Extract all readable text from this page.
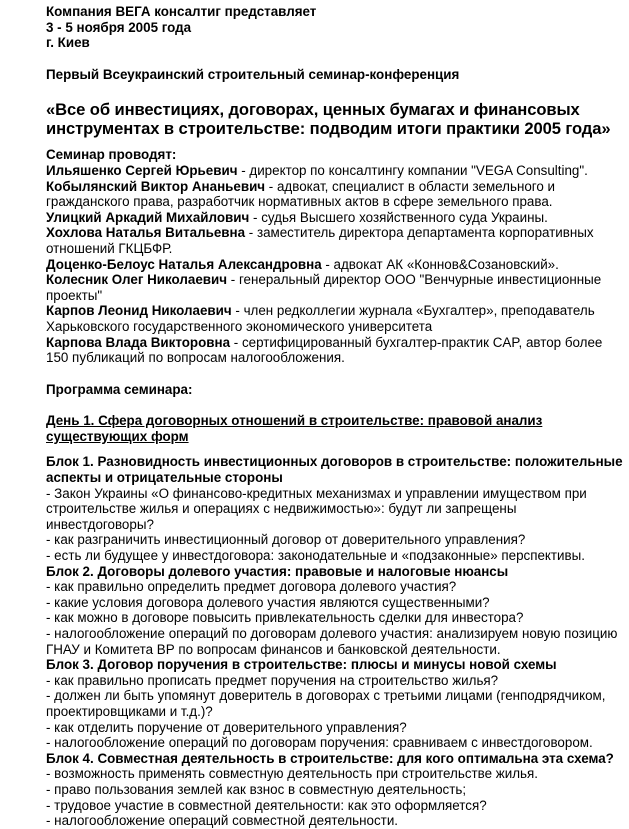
Компания ВЕГА консалтиг представляет
3 - 5 ноября 2005 года
г. Киев
Первый Всеукраинский строительный семинар-конференция
«Все об инвестициях, договорах, ценных бумагах и финансовых
инструментах в строительстве: подводим итоги практики 2005 года»
Семинар проводят:
Ильяшенко Сергей Юрьевич - директор по консалтингу компании "VEGA Consulting".
Кобылянский Виктор Ананьевич - адвокат, специалист в области земельного и
гражданского права, разработчик нормативных актов в сфере земельного права.
Улицкий Аркадий Михайлович - судья Высшего хозяйственного суда Украины.
Хохлова Наталья Витальевна - заместитель директора департамента корпоративных
отношений ГКЦБФР.
Доценко-Белоус Наталья Александровна - адвокат АК «Коннов&Созановский».
Колесник Олег Николаевич - генеральный директор ООО "Венчурные инвестиционные
проекты"
Карпов Леонид Николаевич - член редколлегии журнала «Бухгалтер», преподаватель
Харьковского государственного экономического университета
Карпова Влада Викторовна - сертифицированный бухгалтер-практик CAP, автор более
150 публикаций по вопросам налогообложения.
Программа семинара:
День 1. Сфера договорных отношений в строительстве: правовой анализ
существующих форм
Блок 1. Разновидность инвестиционных договоров в строительстве: положительные
аспекты и отрицательные стороны
- Закон Украины «О финансово-кредитных механизмах и управлении имуществом при
строительстве жилья и операциях с недвижимостью»: будут ли запрещены
инвестдоговоры?
- как разграничить инвестиционный договор от доверительного управления?
- есть ли будущее у инвестдоговора: законодательные и «подзаконные» перспективы.
Блок 2. Договоры долевого участия: правовые и налоговые нюансы
- как правильно определить предмет договора долевого участия?
- какие условия договора долевого участия являются существенными?
- как можно в договоре повысить привлекательность сделки для инвестора?
- налогообложение операций по договорам долевого участия: анализируем новую позицию
ГНАУ и Комитета ВР по вопросам финансов и банковской деятельности.
Блок 3. Договор поручения в строительстве: плюсы и минусы новой схемы
- как правильно прописать предмет поручения на строительство жилья?
- должен ли быть упомянут доверитель в договорах с третьими лицами (генподрядчиком,
проектировщиками и т.д.)?
- как отделить поручение от доверительного управления?
- налогообложение операций по договорам поручения: сравниваем с инвестдоговором.
Блок 4. Совместная деятельность в строительстве: для кого оптимальна эта схема?
- возможность применять совместную деятельность при строительстве жилья.
- право пользования землей как взнос в совместную деятельность;
- трудовое участие в совместной деятельности: как это оформляется?
- налогообложение операций совместной деятельности.
